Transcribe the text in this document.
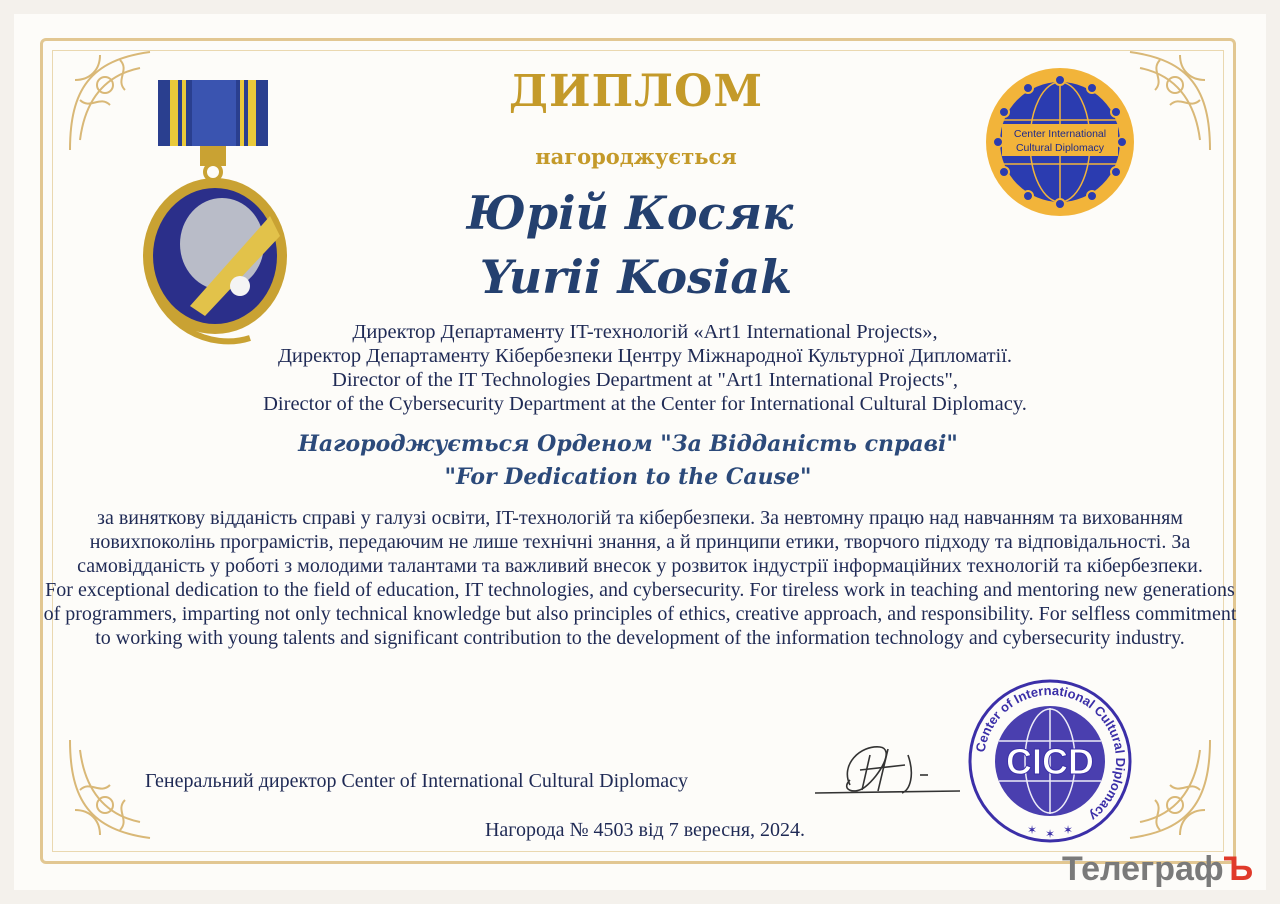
Center International
Cultural Diplomacy
ДИПЛОМ
нагороджується
Юрій Косяк
Yurii Kosiak
Директор Департаменту IT-технологій «Art1 International Projects»,
Директор Департаменту Кібербезпеки Центру Міжнародної Культурної Дипломатії.
Director of the IT Technologies Department at "Art1 International Projects",
Director of the Cybersecurity Department at the Center for International Cultural Diplomacy.
Нагороджується Орденом "За Відданість справі"
"For Dedication to the Cause"

за виняткову відданість справі у галузі освіти, IT-технологій та кібербезпеки. За невтомну працю над навчанням та вихованням новихпоколінь програмістів, передаючим не лише технічні знання, а й принципи етики, творчого підходу та відповідальності. За самовідданість у роботі з молодими талантами та важливий внесок у розвиток індустрії інформаційних технологій та кібербезпеки.

For exceptional dedication to the field of education, IT technologies, and cybersecurity. For tireless work in teaching and mentoring new generations of programmers, imparting not only technical knowledge but also principles of ethics, creative approach, and responsibility. For selfless commitment to working with young talents and significant contribution to the development of the information technology and cybersecurity industry.

Генеральний директор Center of International Cultural Diplomacy
Center of International Cultural Diplomacy
CICD
✶ ✶ ✶
Нагорода № 4503 від 7 вересня, 2024.
ТелеграфЪ
